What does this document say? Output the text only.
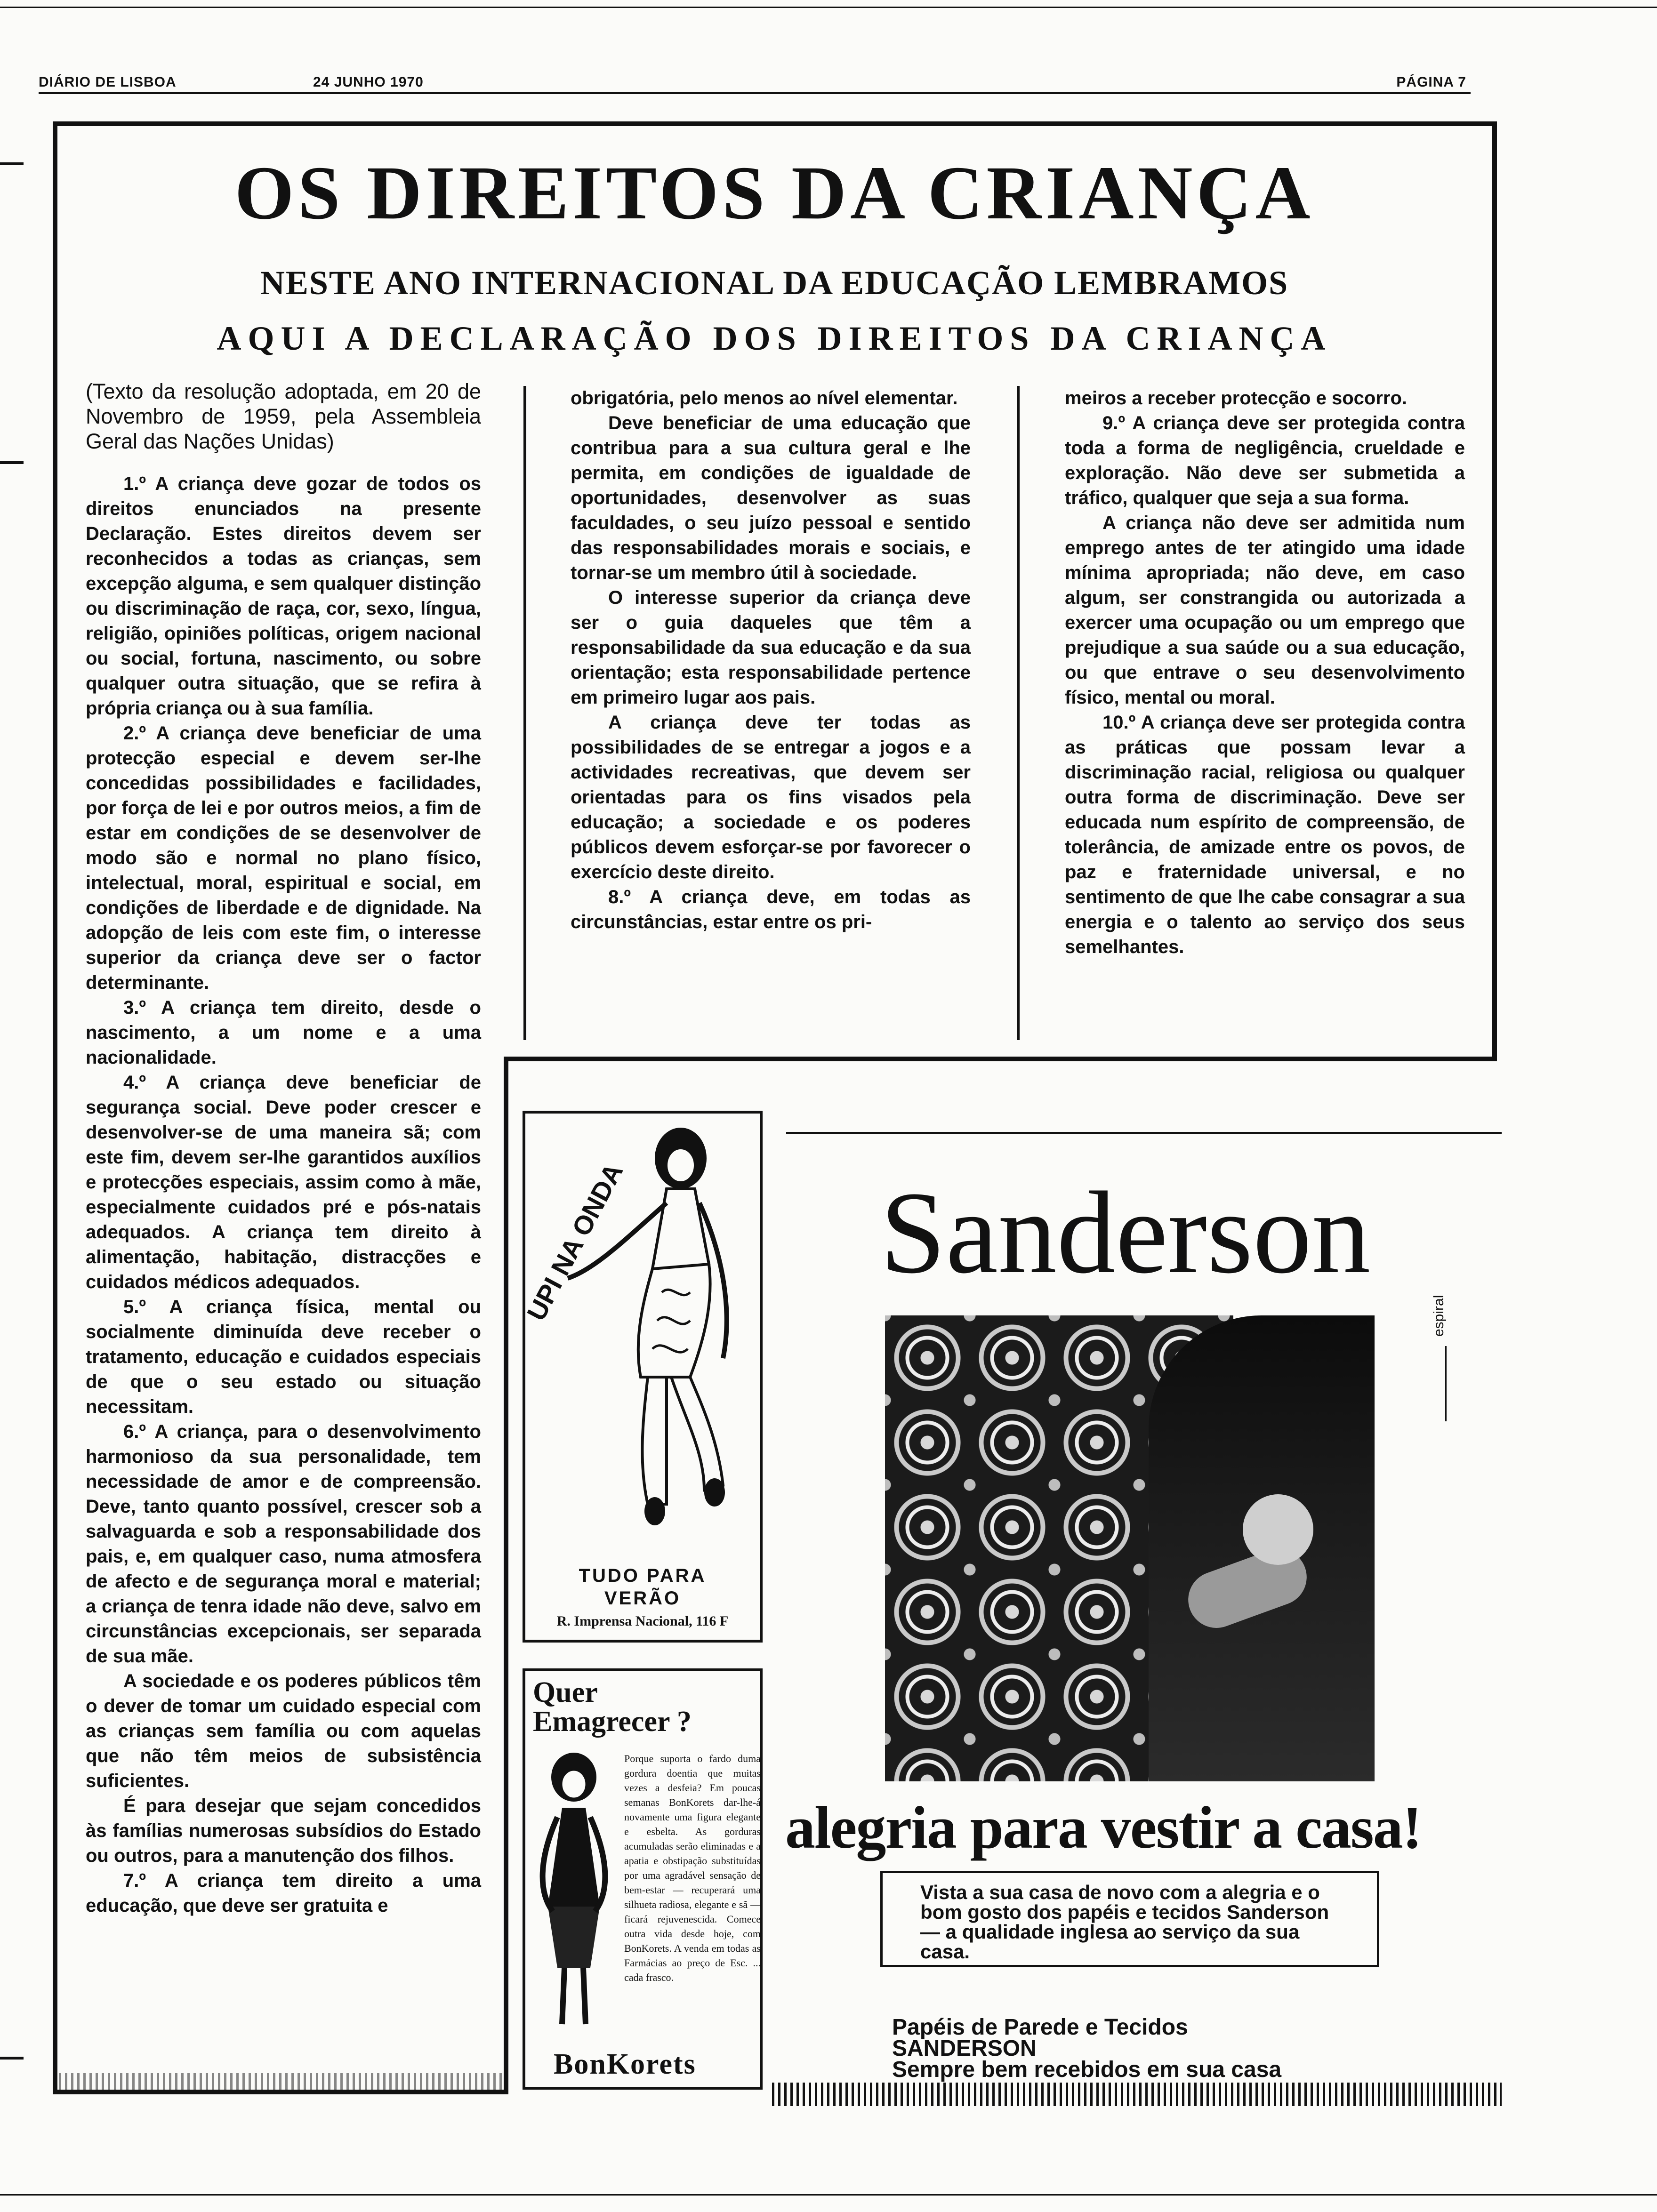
DIÁRIO DE LISBOA	24 JUNHO 1970	PÁGINA 7
OS DIREITOS DA CRIANÇA
NESTE ANO INTERNACIONAL DA EDUCAÇÃO LEMBRAMOS
AQUI A DECLARAÇÃO DOS DIREITOS DA CRIANÇA

(Texto da resolução adoptada, em 20 de Novembro de 1959, pela Assembleia Geral das Nações Unidas)

1.º A criança deve gozar de todos os direitos enunciados na presente Declaração. Estes direitos devem ser reconhecidos a todas as crianças, sem excepção alguma, e sem qualquer distinção ou discriminação de raça, cor, sexo, língua, religião, opiniões políticas, origem nacional ou social, fortuna, nascimento, ou sobre qualquer outra situação, que se refira à própria criança ou à sua família.

2.º A criança deve beneficiar de uma protecção especial e devem ser-lhe concedidas possibilidades e facilidades, por força de lei e por outros meios, a fim de estar em condições de se desenvolver de modo são e normal no plano físico, intelectual, moral, espiritual e social, em condições de liberdade e de dignidade. Na adopção de leis com este fim, o interesse superior da criança deve ser o factor determinante.

3.º A criança tem direito, desde o nascimento, a um nome e a uma nacionalidade.

4.º A criança deve beneficiar de segurança social. Deve poder crescer e desenvolver-se de uma maneira sã; com este fim, devem ser-lhe garantidos auxílios e protecções especiais, assim como à mãe, especialmente cuidados pré e pós-natais adequados. A criança tem direito à alimentação, habitação, distracções e cuidados médicos adequados.

5.º A criança física, mental ou socialmente diminuída deve receber o tratamento, educação e cuidados especiais de que o seu estado ou situação necessitam.

6.º A criança, para o desenvolvimento harmonioso da sua personalidade, tem necessidade de amor e de compreensão. Deve, tanto quanto possível, crescer sob a salvaguarda e sob a responsabilidade dos pais, e, em qualquer caso, numa atmosfera de afecto e de segurança moral e material; a criança de tenra idade não deve, salvo em circunstâncias excepcionais, ser separada de sua mãe.

A sociedade e os poderes públicos têm o dever de tomar um cuidado especial com as crianças sem família ou com aquelas que não têm meios de subsistência suficientes.

É para desejar que sejam concedidos às famílias numerosas subsídios do Estado ou outros, para a manutenção dos filhos.

7.º A criança tem direito a uma educação, que deve ser gratuita e

obrigatória, pelo menos ao nível elementar.

Deve beneficiar de uma educação que contribua para a sua cultura geral e lhe permita, em condições de igualdade de oportunidades, desenvolver as suas faculdades, o seu juízo pessoal e sentido das responsabilidades morais e sociais, e tornar-se um membro útil à sociedade.

O interesse superior da criança deve ser o guia daqueles que têm a responsabilidade da sua educação e da sua orientação; esta responsabilidade pertence em primeiro lugar aos pais.

A criança deve ter todas as possibilidades de se entregar a jogos e a actividades recreativas, que devem ser orientadas para os fins visados pela educação; a sociedade e os poderes públicos devem esforçar-se por favorecer o exercício deste direito.

8.º A criança deve, em todas as circunstâncias, estar entre os pri-

meiros a receber protecção e socorro.

9.º A criança deve ser protegida contra toda a forma de negligência, crueldade e exploração. Não deve ser submetida a tráfico, qualquer que seja a sua forma.

A criança não deve ser admitida num emprego antes de ter atingido uma idade mínima apropriada; não deve, em caso algum, ser constrangida ou autorizada a exercer uma ocupação ou um emprego que prejudique a sua saúde ou a sua educação, ou que entrave o seu desenvolvimento físico, mental ou moral.

10.º A criança deve ser protegida contra as práticas que possam levar a discriminação racial, religiosa ou qualquer outra forma de discriminação. Deve ser educada num espírito de compreensão, de tolerância, de amizade entre os povos, de paz e fraternidade universal, e no sentimento de que lhe cabe consagrar a sua energia e o talento ao serviço dos seus semelhantes.

UPI NA ONDA
TUDO PARA
VERÃO
R. Imprensa Nacional, 116 F
Quer
Emagrecer ?
Porque suporta o fardo duma gordura doentia que muitas vezes a desfeia? Em poucas semanas BonKorets dar-lhe-á novamente uma figura elegante e esbelta. As gorduras acumuladas serão eliminadas e a apatia e obstipação substituídas por uma agradável sensação de bem-estar — recuperará uma silhueta radiosa, elegante e sã — ficará rejuvenescida. Comece outra vida desde hoje, com BonKorets. A venda em todas as Farmácias ao preço de Esc. ... cada frasco.
BonKorets
Sanderson
espiral
alegria para vestir a casa!
Vista a sua casa de novo com a alegria e o bom gosto dos papéis e tecidos Sanderson — a qualidade inglesa ao serviço da sua casa.
Papéis de Parede e Tecidos
SANDERSON
Sempre bem recebidos em sua casa
